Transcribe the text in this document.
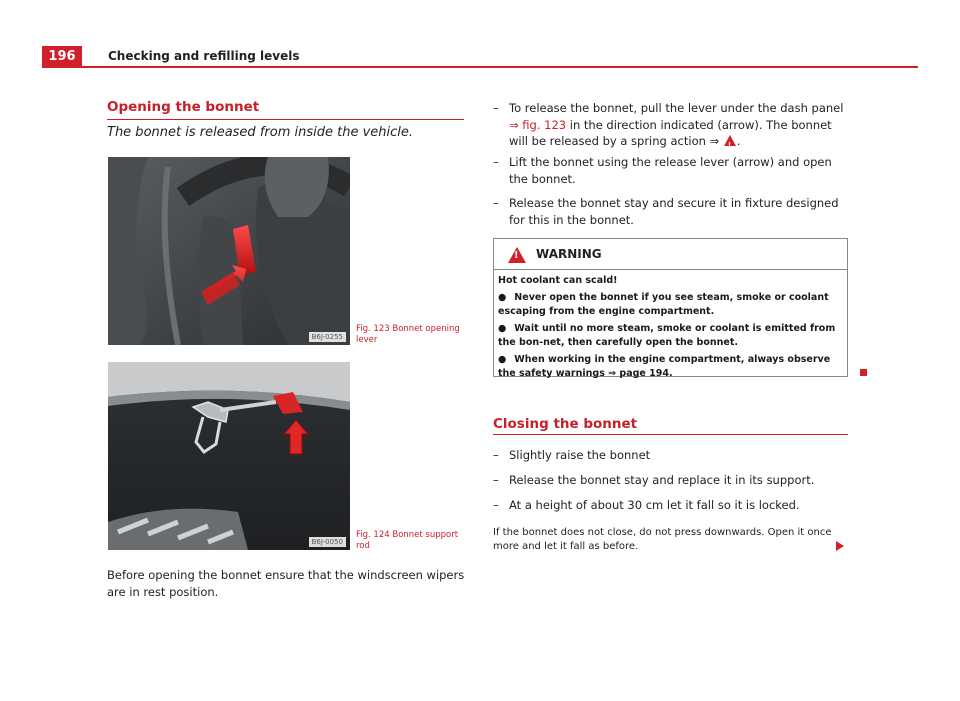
196	Checking and refilling levels
Opening the bonnet
The bonnet is released from inside the vehicle.
B6J-0255
Fig. 123 Bonnet opening lever
B6J-0050
Fig. 124 Bonnet support rod
Before opening the bonnet ensure that the windscreen wipers are in rest position.
– To release the bonnet, pull the lever under the dash panel
⇒ fig. 123 in the direction indicated (arrow). The bonnet will be released by a spring action ⇒ !.
– Lift the bonnet using the release lever (arrow) and open the bonnet.
– Release the bonnet stay and secure it in fixture designed for this in the bonnet.
! WARNING

Hot coolant can scald!

● Never open the bonnet if you see steam, smoke or coolant escaping from the engine compartment.

● Wait until no more steam, smoke or coolant is emitted from the bon-net, then carefully open the bonnet.

● When working in the engine compartment, always observe the safety warnings ⇒ page 194.

Closing the bonnet
– Slightly raise the bonnet
– Release the bonnet stay and replace it in its support.
– At a height of about 30 cm let it fall so it is locked.
If the bonnet does not close, do not press downwards. Open it once more and let it fall as before.
